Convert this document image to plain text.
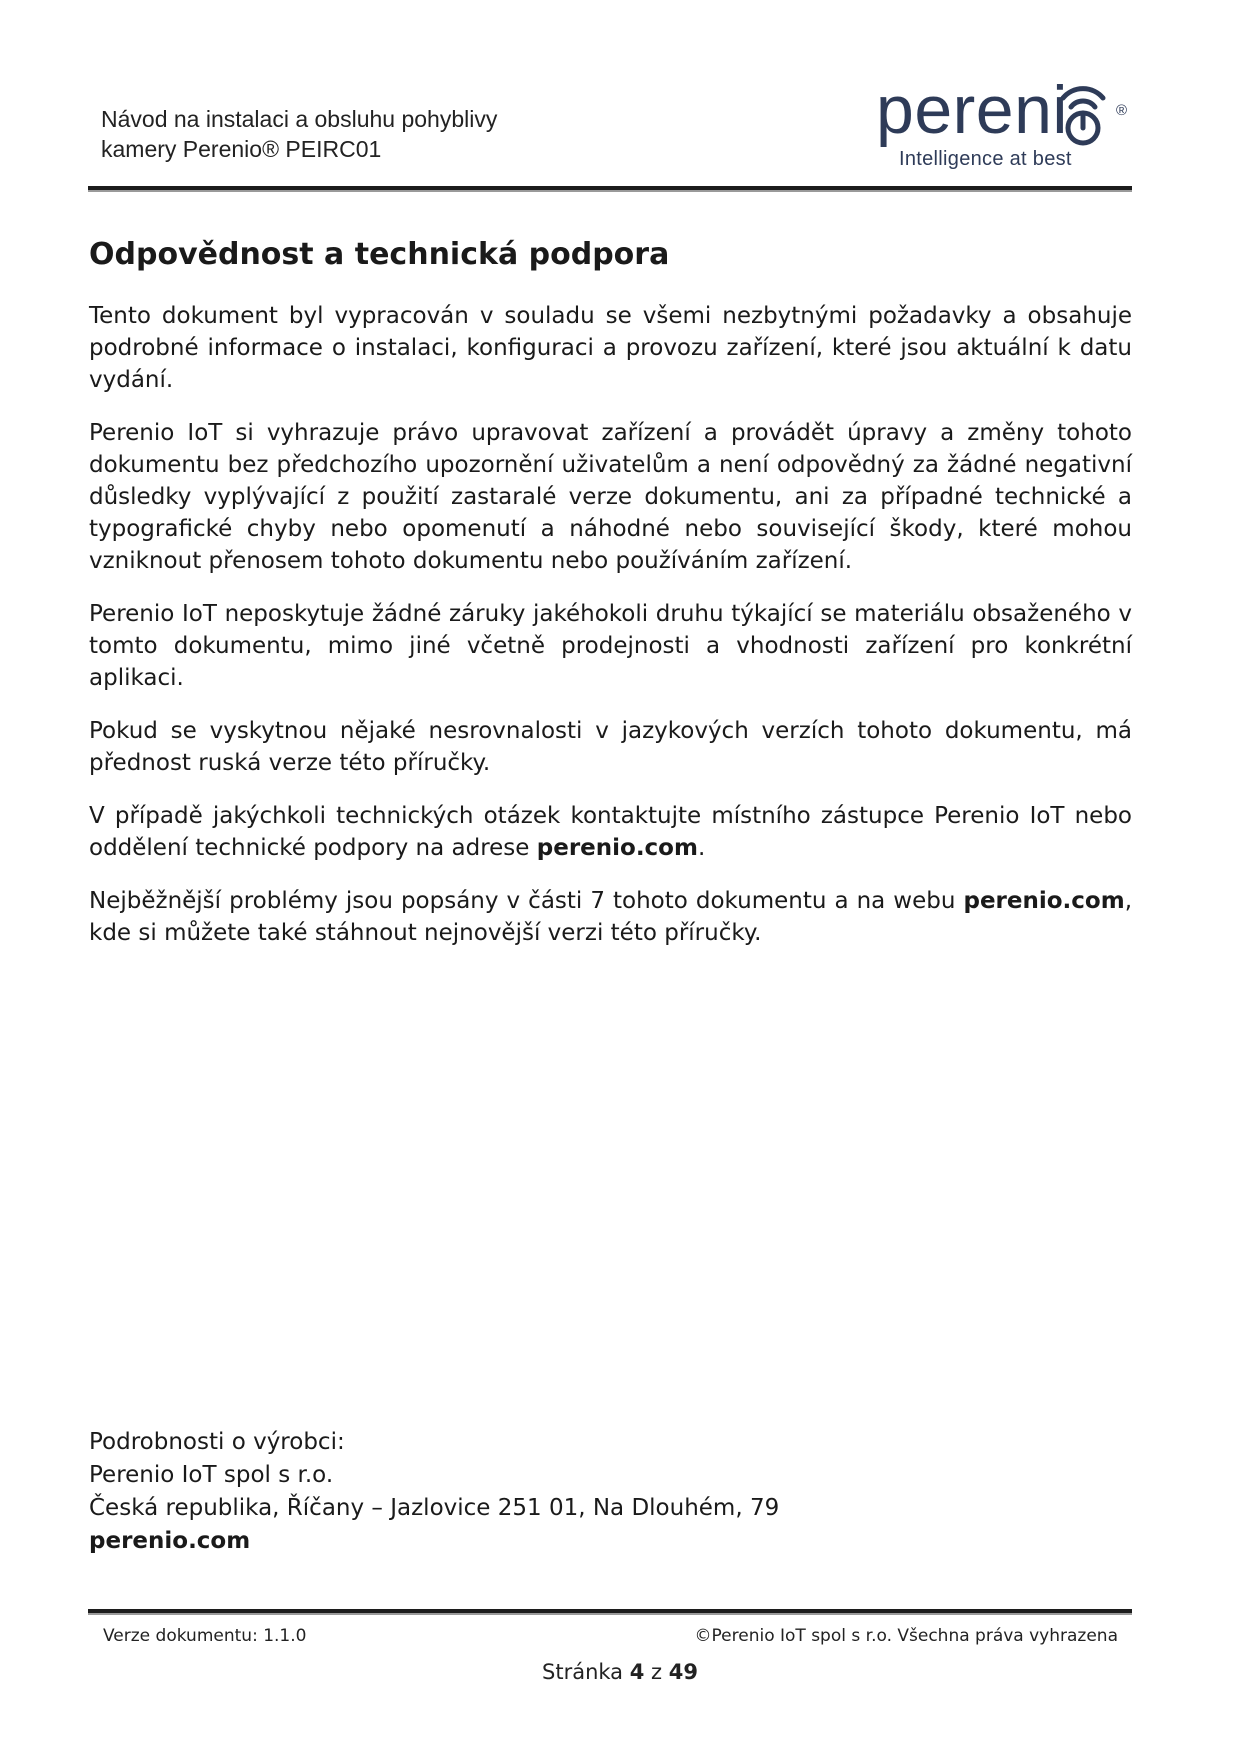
Návod na instalaci a obsluhu pohyblivy
kamery Perenio® PEIRC01
pereni	®
Intelligence at best
Odpovědnost a technická podpora

Tento dokument byl vypracován v souladu se všemi nezbytnými požadavky a obsahuje podrobné informace o instalaci, konfiguraci a provozu zařízení, které jsou aktuální k datu vydání.

Perenio IoT si vyhrazuje právo upravovat zařízení a provádět úpravy a změny tohoto dokumentu bez předchozího upozornění uživatelům a není odpovědný za žádné negativní důsledky vyplývající z použití zastaralé verze dokumentu, ani za případné technické a typografické chyby nebo opomenutí a náhodné nebo související škody, které mohou vzniknout přenosem tohoto dokumentu nebo používáním zařízení.

Perenio IoT neposkytuje žádné záruky jakéhokoli druhu týkající se materiálu obsaženého v tomto dokumentu, mimo jiné včetně prodejnosti a vhodnosti zařízení pro konkrétní aplikaci.

Pokud se vyskytnou nějaké nesrovnalosti v jazykových verzích tohoto dokumentu, má přednost ruská verze této příručky.

V případě jakýchkoli technických otázek kontaktujte místního zástupce Perenio IoT nebo oddělení technické podpory na adrese perenio.com.

Nejběžnější problémy jsou popsány v části 7 tohoto dokumentu a na webu perenio.com, kde si můžete také stáhnout nejnovější verzi této příručky.

Podrobnosti o výrobci:
Perenio IoT spol s r.o.
Česká republika, Říčany – Jazlovice 251 01, Na Dlouhém, 79
perenio.com
Verze dokumentu: 1.1.0	©Perenio IoT spol s r.o. Všechna práva vyhrazena
Stránka 4 z 49
